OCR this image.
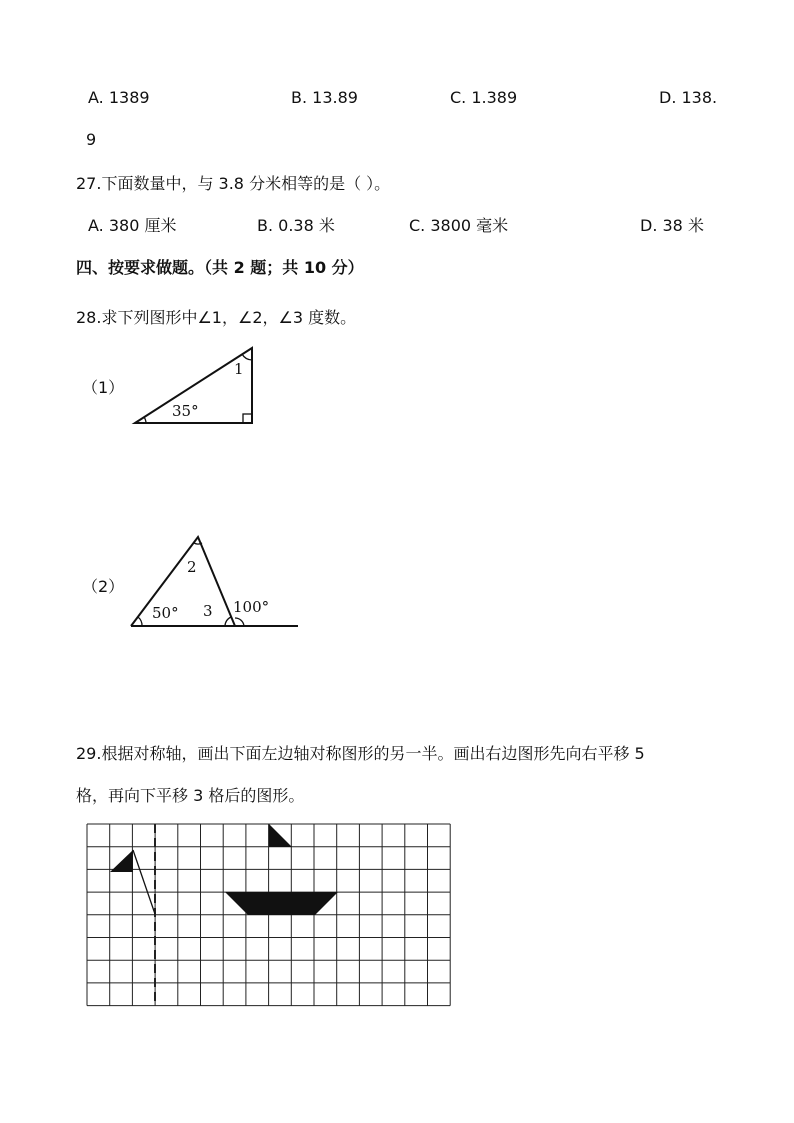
A. 1389	B. 13.89	C. 1.389	D. 138.
9
27.下面数量中，与 3.8 分米相等的是（ ）。
A. 380 厘米	B. 0.38 米	C. 3800 毫米	D. 38 米
四、按要求做题。（共 2 题；共 10 分）
28.求下列图形中∠1，∠2，∠3 度数。
（1）
1
35°
（2）
2
50° 3 100°
29.根据对称轴，画出下面左边轴对称图形的另一半。画出右边图形先向右平移 5
格，再向下平移 3 格后的图形。
